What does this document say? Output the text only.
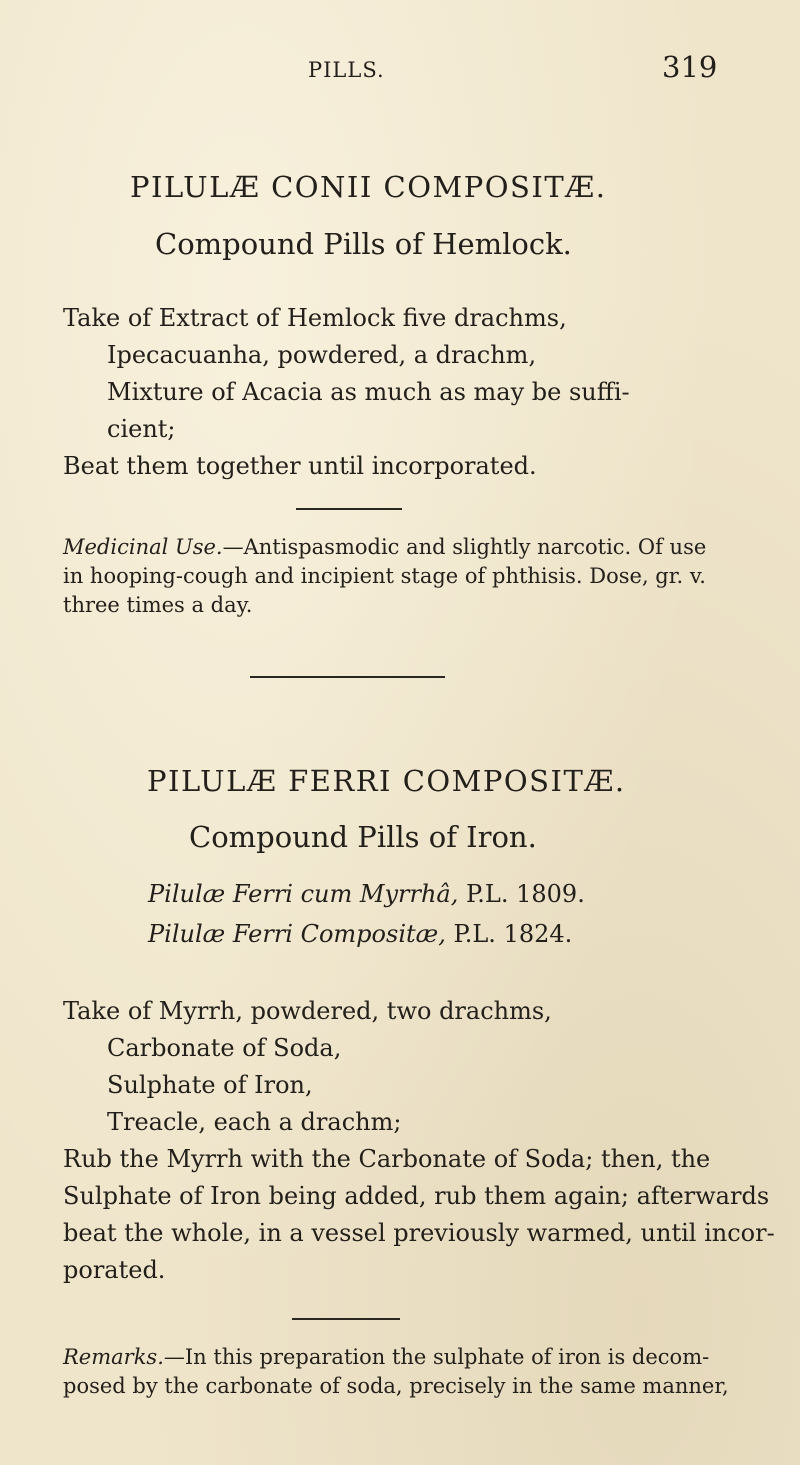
PILLS.	319
PILULÆ CONII COMPOSITÆ.
Compound Pills of Hemlock.
Take of Extract of Hemlock five drachms,
Ipecacuanha, powdered, a drachm,
Mixture of Acacia as much as may be suffi-
cient;
Beat them together until incorporated.
Medicinal Use.—Antispasmodic and slightly narcotic. Of use
in hooping-cough and incipient stage of phthisis. Dose, gr. v.
three times a day.
PILULÆ FERRI COMPOSITÆ.
Compound Pills of Iron.
Pilulæ Ferri cum Myrrhâ, P.L. 1809.
Pilulæ Ferri Compositæ, P.L. 1824.
Take of Myrrh, powdered, two drachms,
Carbonate of Soda,
Sulphate of Iron,
Treacle, each a drachm;
Rub the Myrrh with the Carbonate of Soda; then, the
Sulphate of Iron being added, rub them again; afterwards
beat the whole, in a vessel previously warmed, until incor-
porated.
Remarks.—In this preparation the sulphate of iron is decom-
posed by the carbonate of soda, precisely in the same manner,
